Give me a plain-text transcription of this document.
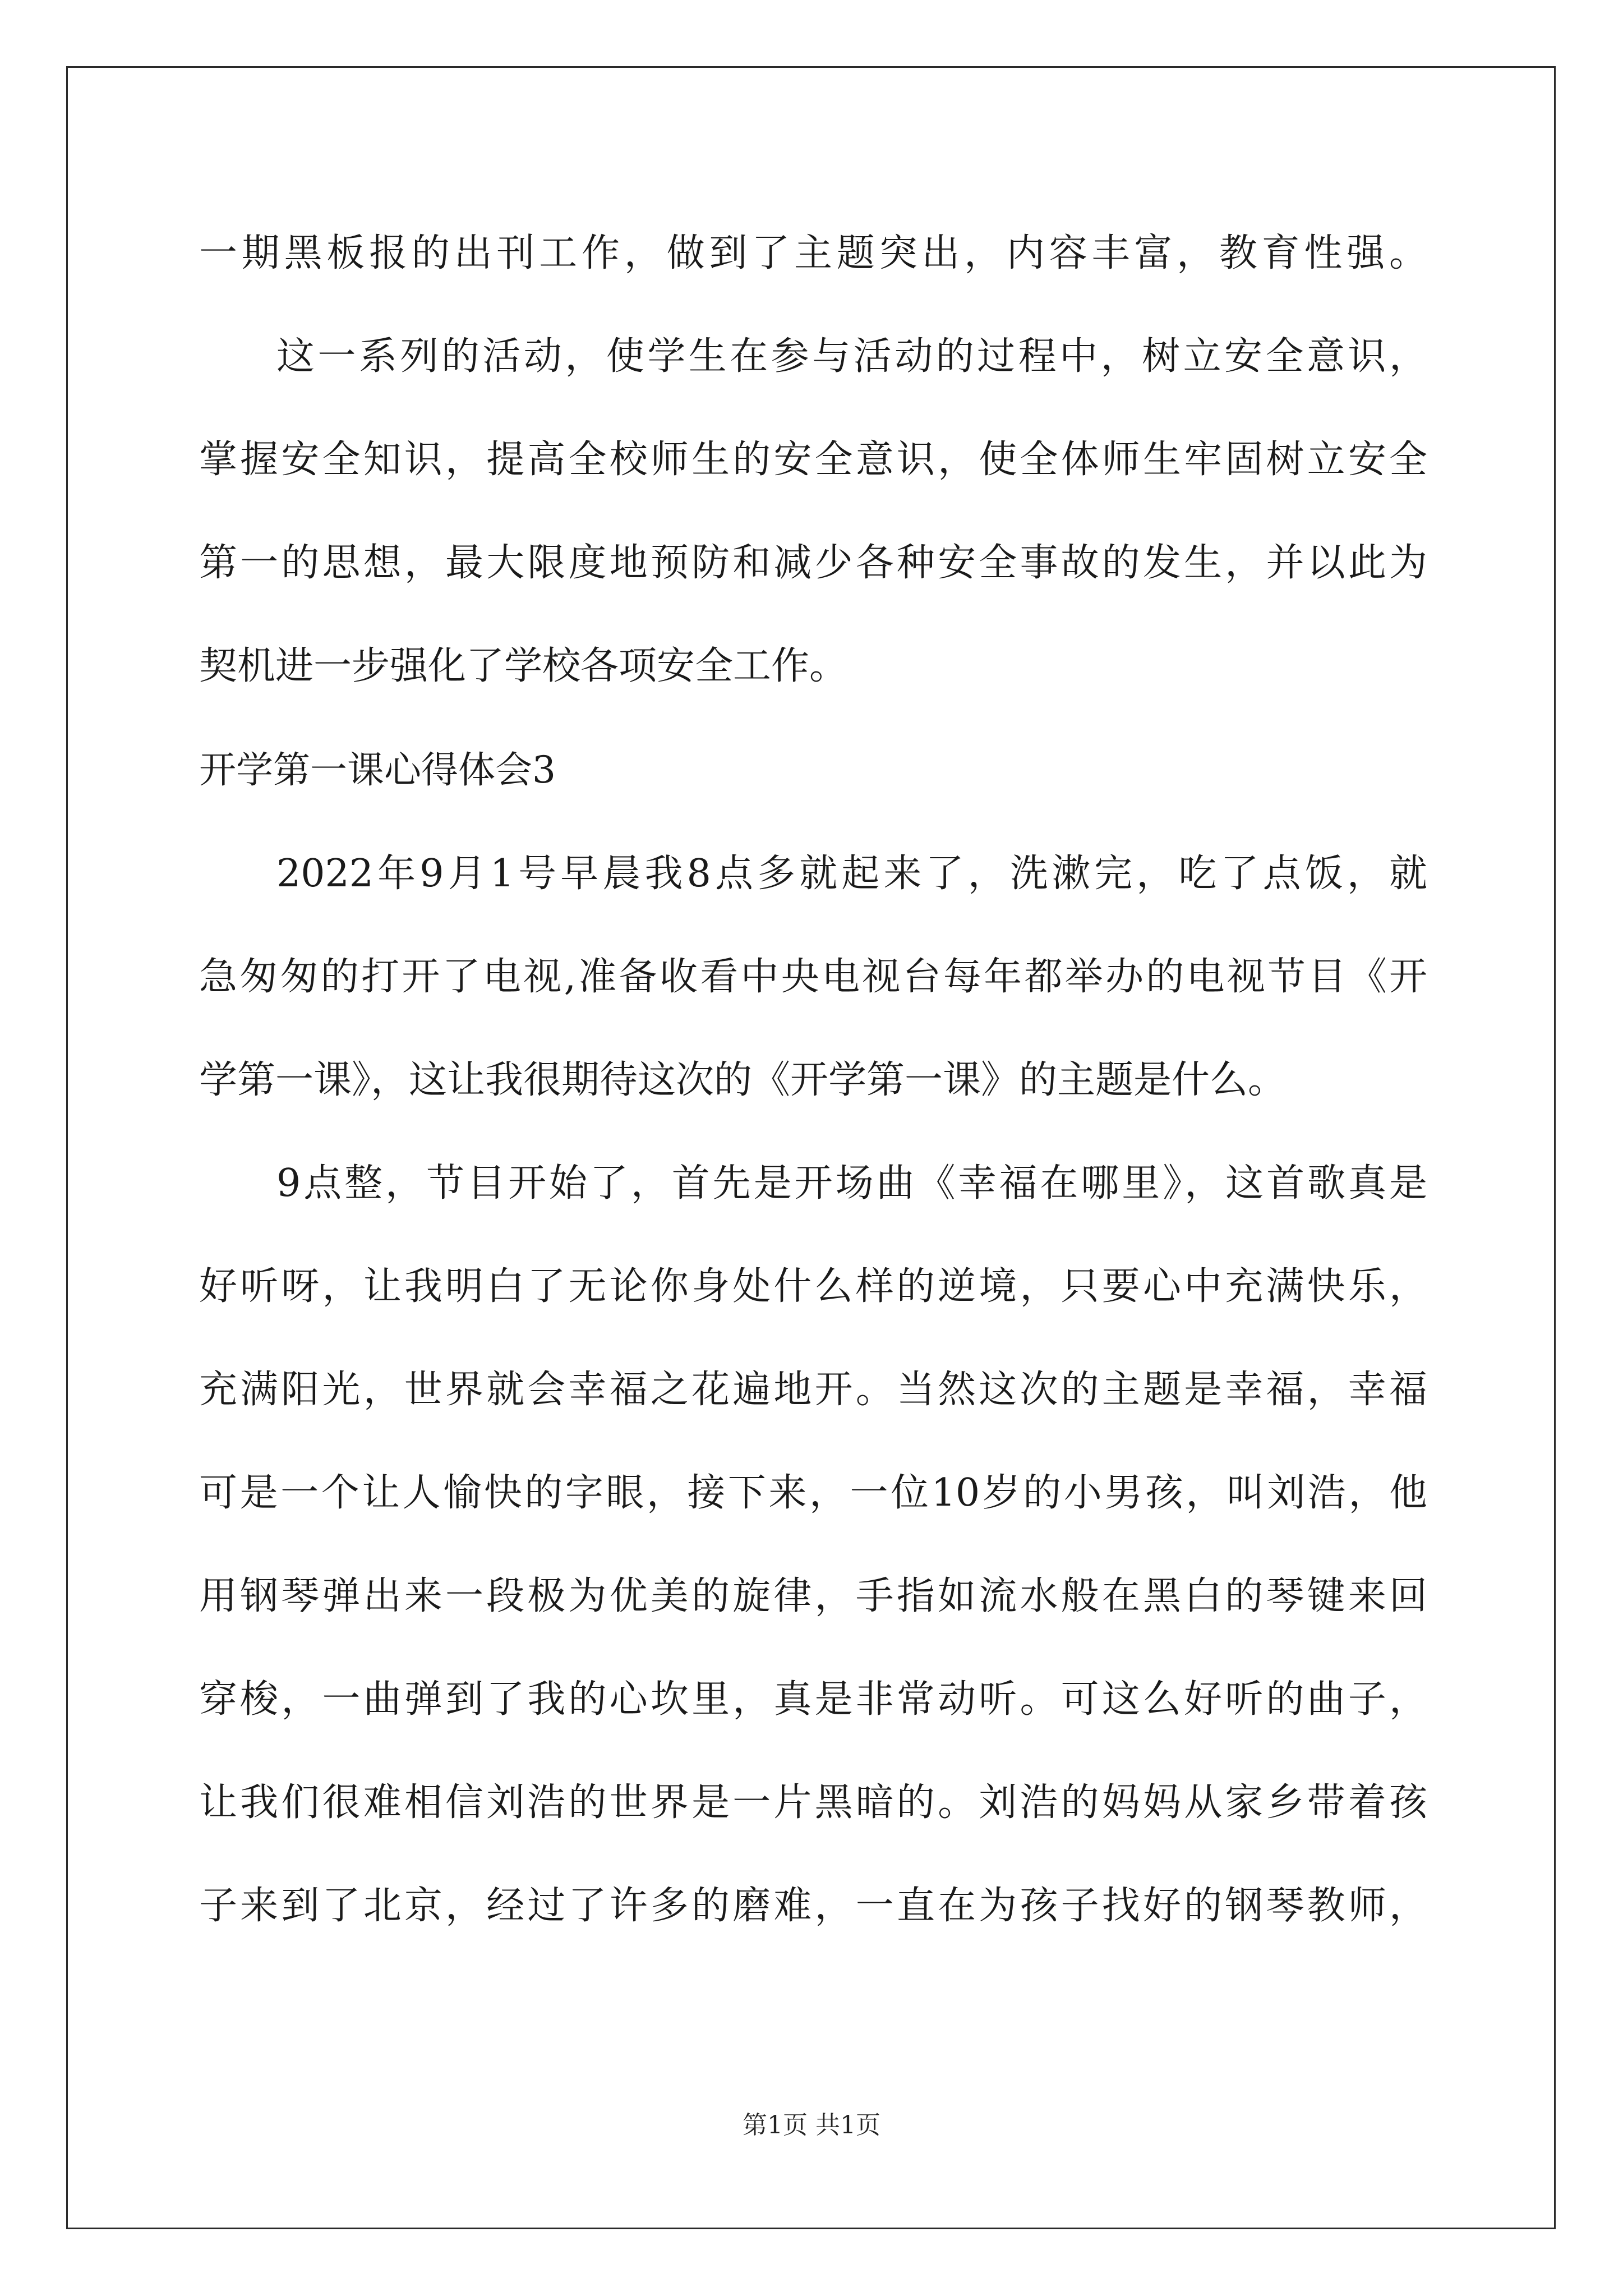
一期黑板报的出刊工作，做到了主题突出，内容丰富，教育性强。
这一系列的活动，使学生在参与活动的过程中，树立安全意识，
掌握安全知识，提高全校师生的安全意识，使全体师生牢固树立安全
第一的思想，最大限度地预防和减少各种安全事故的发生，并以此为
契机进一步强化了学校各项安全工作。
开学第一课心得体会3
2022年9月1号早晨我8点多就起来了，洗漱完，吃了点饭，就
急匆匆的打开了电视,准备收看中央电视台每年都举办的电视节目《开
学第一课》，这让我很期待这次的《开学第一课》的主题是什么。
9点整，节目开始了，首先是开场曲《幸福在哪里》，这首歌真是
好听呀，让我明白了无论你身处什么样的逆境，只要心中充满快乐，
充满阳光，世界就会幸福之花遍地开。当然这次的主题是幸福，幸福
可是一个让人愉快的字眼，接下来，一位10岁的小男孩，叫刘浩，他
用钢琴弹出来一段极为优美的旋律，手指如流水般在黑白的琴键来回
穿梭，一曲弹到了我的心坎里，真是非常动听。可这么好听的曲子，
让我们很难相信刘浩的世界是一片黑暗的。刘浩的妈妈从家乡带着孩
子来到了北京，经过了许多的磨难，一直在为孩子找好的钢琴教师，
第1页 共1页
